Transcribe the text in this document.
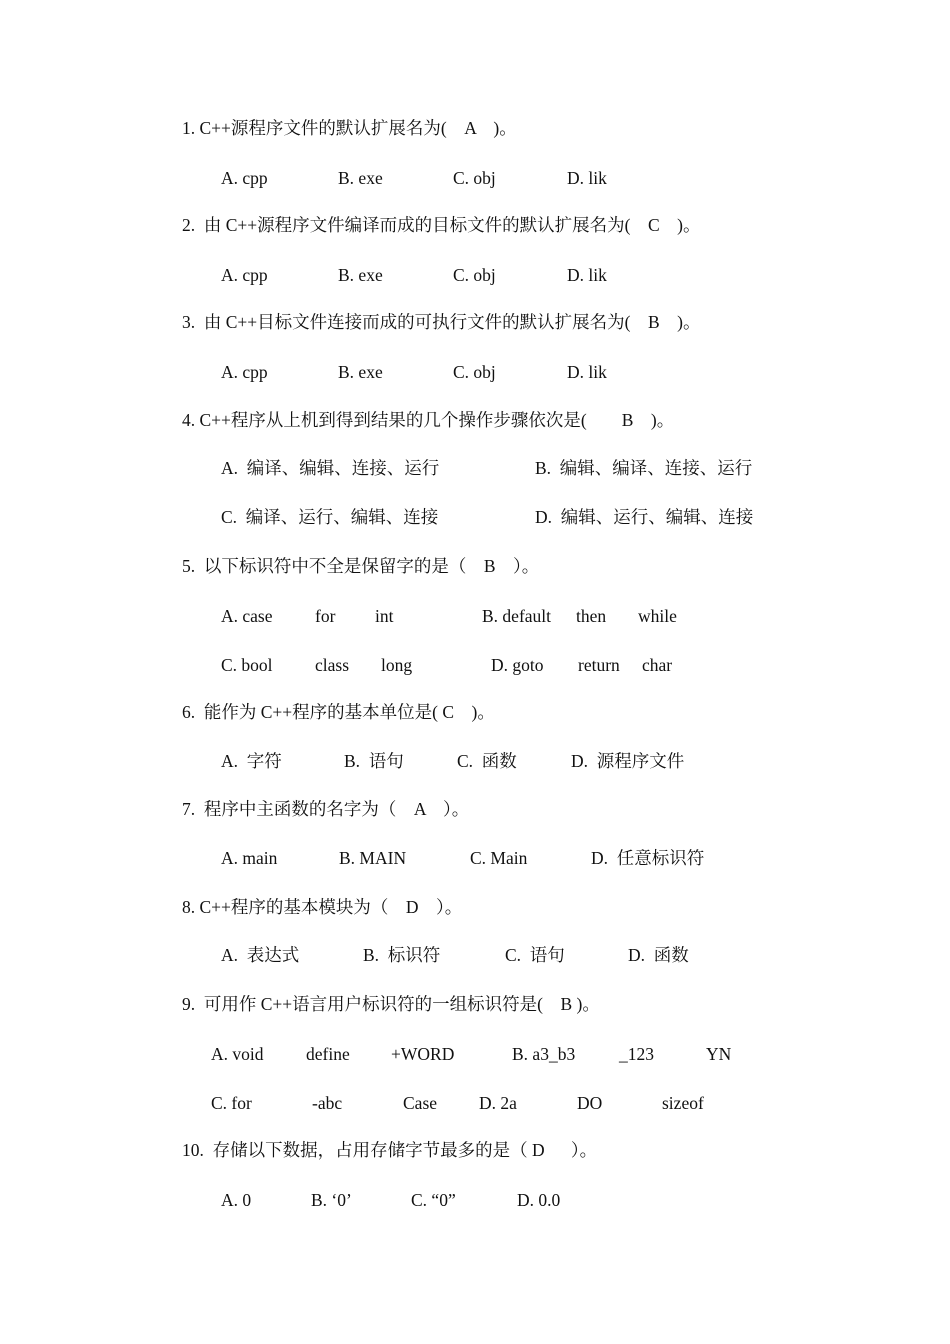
1. C++源程序文件的默认扩展名为(    A    )。
A. cpp	B. exe	C. obj	D. lik
2.  由 C++源程序文件编译而成的目标文件的默认扩展名为(    C    )。
A. cpp	B. exe	C. obj	D. lik
3.  由 C++目标文件连接而成的可执行文件的默认扩展名为(    B    )。
A. cpp	B. exe	C. obj	D. lik
4. C++程序从上机到得到结果的几个操作步骤依次是(        B    )。
A.  编译、编辑、连接、运行	B.  编辑、编译、连接、运行
C.  编译、运行、编辑、连接	D.  编辑、运行、编辑、连接
5.  以下标识符中不全是保留字的是（    B    ）。
A. case for int	B. default then while
C. bool class long	D. goto return char
6.  能作为 C++程序的基本单位是( C    )。
A.  字符	B.  语句	C.  函数	D.  源程序文件
7.  程序中主函数的名字为（    A    ）。
A. main	B. MAIN	C. Main	D.  任意标识符
8. C++程序的基本模块为（    D    ）。
A.  表达式	B.  标识符	C.  语句	D.  函数
9.  可用作 C++语言用户标识符的一组标识符是(    B )。
A. void define +WORD	B. a3_b3	_123	YN
C. for	-abc	Case D. 2a	DO	sizeof
10.  存储以下数据，占用存储字节最多的是（ D      ）。
A. 0	B. ‘0’	C. “0”	D. 0.0
